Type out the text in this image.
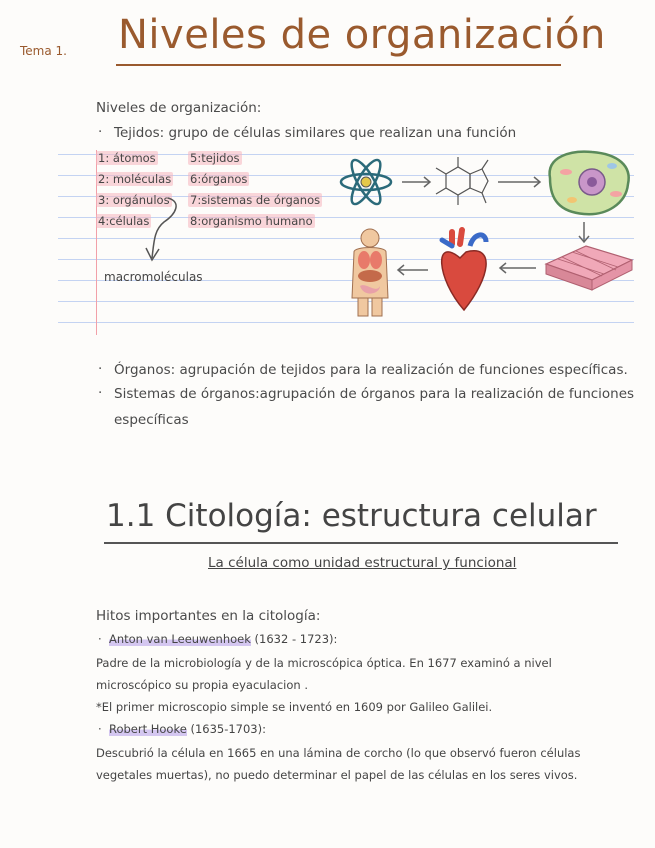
Tema 1. Niveles de organización
Niveles de organización:
· Tejidos: grupo de células similares que realizan una función
1: átomos
2: moléculas
3: orgánulos
4:células
5:tejidos
6:órganos
7:sistemas de órganos
8:organismo humano
macromoléculas
· Órganos: agrupación de tejidos para la realización de funciones específicas.
· Sistemas de órganos:agrupación de órganos para la realización de funciones
específicas
1.1 Citología: estructura celular
La célula como unidad estructural y funcional
Hitos importantes en la citología:
· Anton van Leeuwenhoek (1632 - 1723):
Padre de la microbiología y de la microscópica óptica. En 1677 examinó a nivel
microscópico su propia eyaculacion .
*El primer microscopio simple se inventó en 1609 por Galileo Galilei.
· Robert Hooke (1635-1703):
Descubrió la célula en 1665 en una lámina de corcho (lo que observó fueron células
vegetales muertas), no puedo determinar el papel de las células en los seres vivos.
